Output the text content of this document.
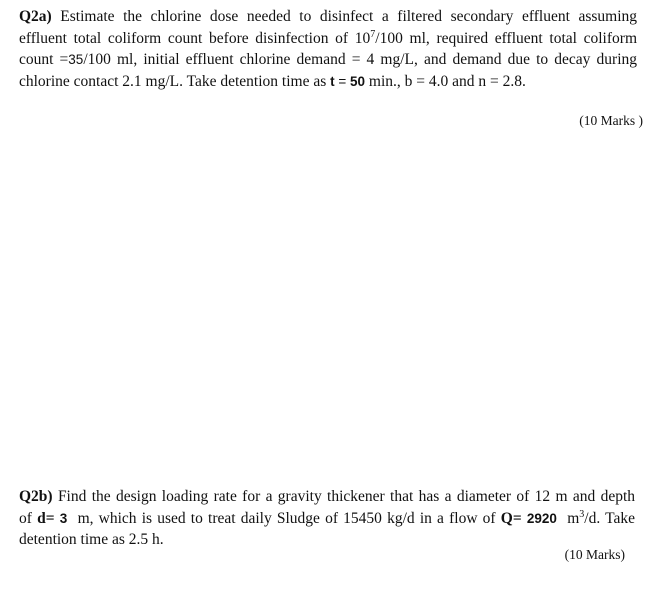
Q2a) Estimate the chlorine dose needed to disinfect a filtered secondary effluent assuming
effluent total coliform count before disinfection of $10^7/100$ ml, required effluent total coliform
count =35/100 ml, initial effluent chlorine demand = 4 mg/L, and demand due to decay during
chlorine contact 2.1 mg/L. Take detention time as t = 50 min., b = 4.0 and n = 2.8.
(10 Marks )
Q2b) Find the design loading rate for a gravity thickener that has a diameter of 12 m and depth
of d= 3  m, which is used to treat daily Sludge of 15450 kg/d in a flow of Q= 2920  $m^3/d$. Take
detention time as 2.5 h.
(10 Marks)
